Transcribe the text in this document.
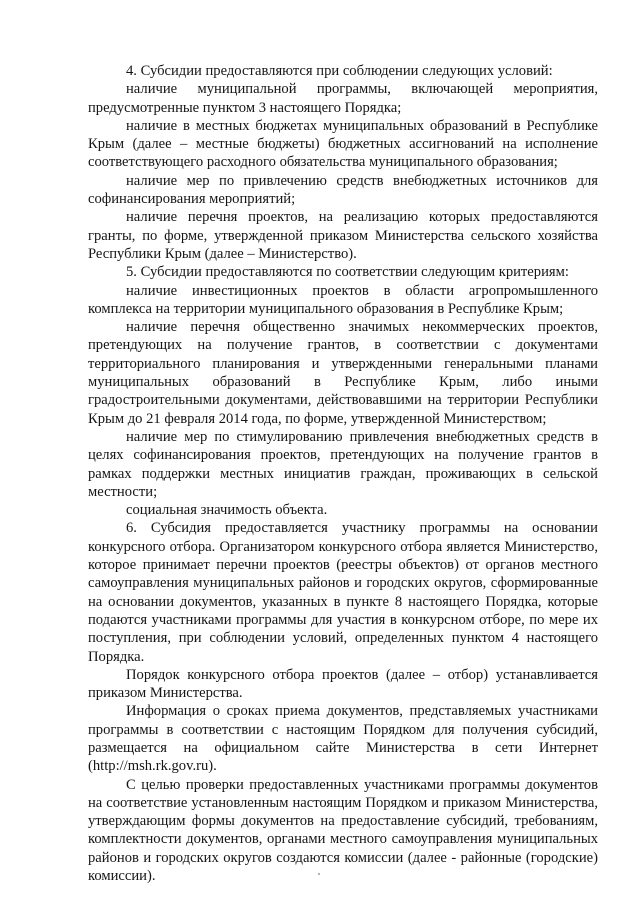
4. Субсидии предоставляются при соблюдении следующих условий:

наличие муниципальной программы, включающей мероприятия, предусмотренные пунктом 3 настоящего Порядка;

наличие в местных бюджетах муниципальных образований в Республике Крым (далее – местные бюджеты) бюджетных ассигнований на исполнение соответствующего расходного обязательства муниципального образования;

наличие мер по привлечению средств внебюджетных источников для софинансирования мероприятий;

наличие перечня проектов, на реализацию которых предоставляются гранты, по форме, утвержденной приказом Министерства сельского хозяйства Республики Крым (далее – Министерство).

5. Субсидии предоставляются по соответствии следующим критериям:

наличие инвестиционных проектов в области агропромышленного комплекса на территории муниципального образования в Республике Крым;

наличие перечня общественно значимых некоммерческих проектов, претендующих на получение грантов, в соответствии с документами территориального планирования и утвержденными генеральными планами муниципальных образований в Республике Крым, либо иными градостроительными документами, действовавшими на территории Республики Крым до 21 февраля 2014 года, по форме, утвержденной Министерством;

наличие мер по стимулированию привлечения внебюджетных средств в целях софинансирования проектов, претендующих на получение грантов в рамках поддержки местных инициатив граждан, проживающих в сельской местности;

социальная значимость объекта.

6. Субсидия предоставляется участнику программы на основании конкурсного отбора. Организатором конкурсного отбора является Министерство, которое принимает перечни проектов (реестры объектов) от органов местного самоуправления муниципальных районов и городских округов, сформированные на основании документов, указанных в пункте 8 настоящего Порядка, которые подаются участниками программы для участия в конкурсном отборе, по мере их поступления, при соблюдении условий, определенных пунктом 4 настоящего Порядка.

Порядок конкурсного отбора проектов (далее – отбор) устанавливается приказом Министерства.

Информация о сроках приема документов, представляемых участниками программы в соответствии с настоящим Порядком для получения субсидий, размещается на официальном сайте Министерства в сети Интернет (http://msh.rk.gov.ru).

С целью проверки предоставленных участниками программы документов на соответствие установленным настоящим Порядком и приказом Министерства, утверждающим формы документов на предоставление субсидий, требованиям, комплектности документов, органами местного самоуправления муниципальных районов и городских округов создаются комиссии (далее - районные (городские) комиссии).
